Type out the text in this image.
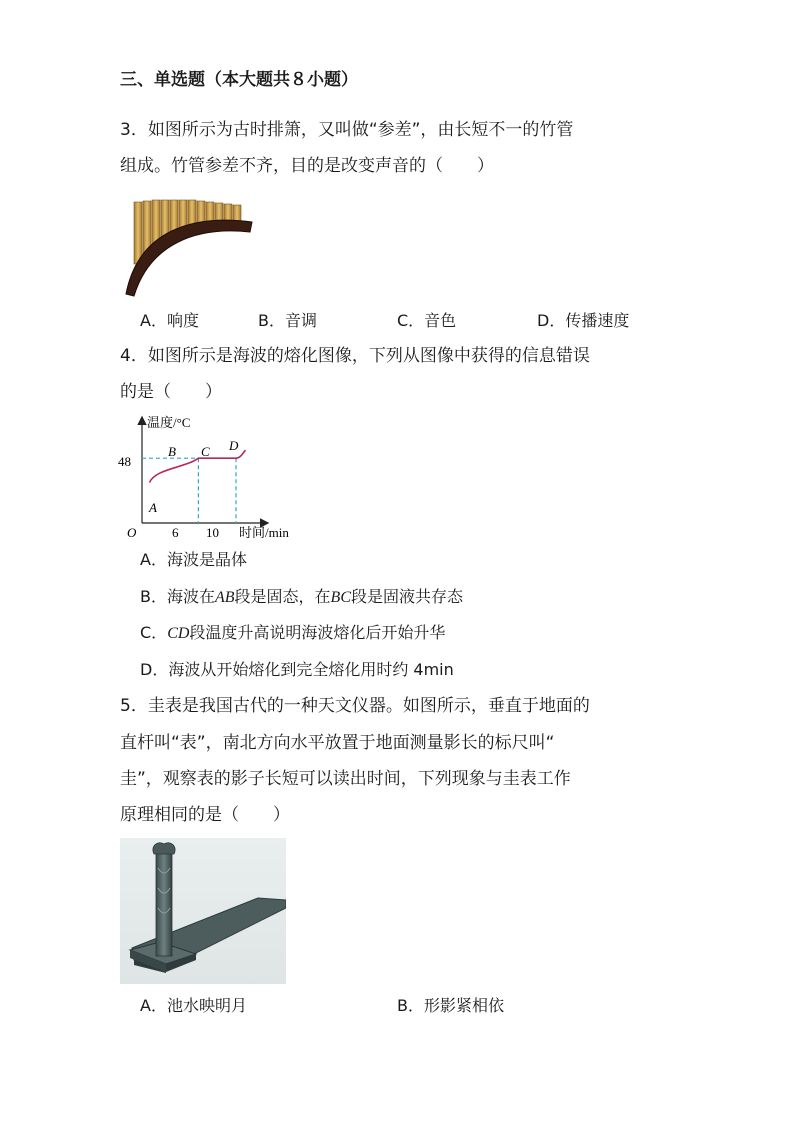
三、单选题（本大题共８小题）
3．如图所示为古时排箫，又叫做“参差”，由长短不一的竹管
组成。竹管参差不齐，目的是改变声音的（　　）
A．响度	B．音调	C．音色	D．传播速度
4．如图所示是海波的熔化图像，下列从图像中获得的信息错误
的是（　　）
温度/°C
时间/min
O
48
6 10
A
B C D
A．海波是晶体
B．海波在AB段是固态，在BC段是固液共存态
C．CD段温度升高说明海波熔化后开始升华
D．海波从开始熔化到完全熔化用时约 4min
5．圭表是我国古代的一种天文仪器。如图所示，垂直于地面的
直杆叫“表”，南北方向水平放置于地面测量影长的标尺叫“
圭”，观察表的影子长短可以读出时间，下列现象与圭表工作
原理相同的是（　　）
A．池水映明月	B．形影紧相依
